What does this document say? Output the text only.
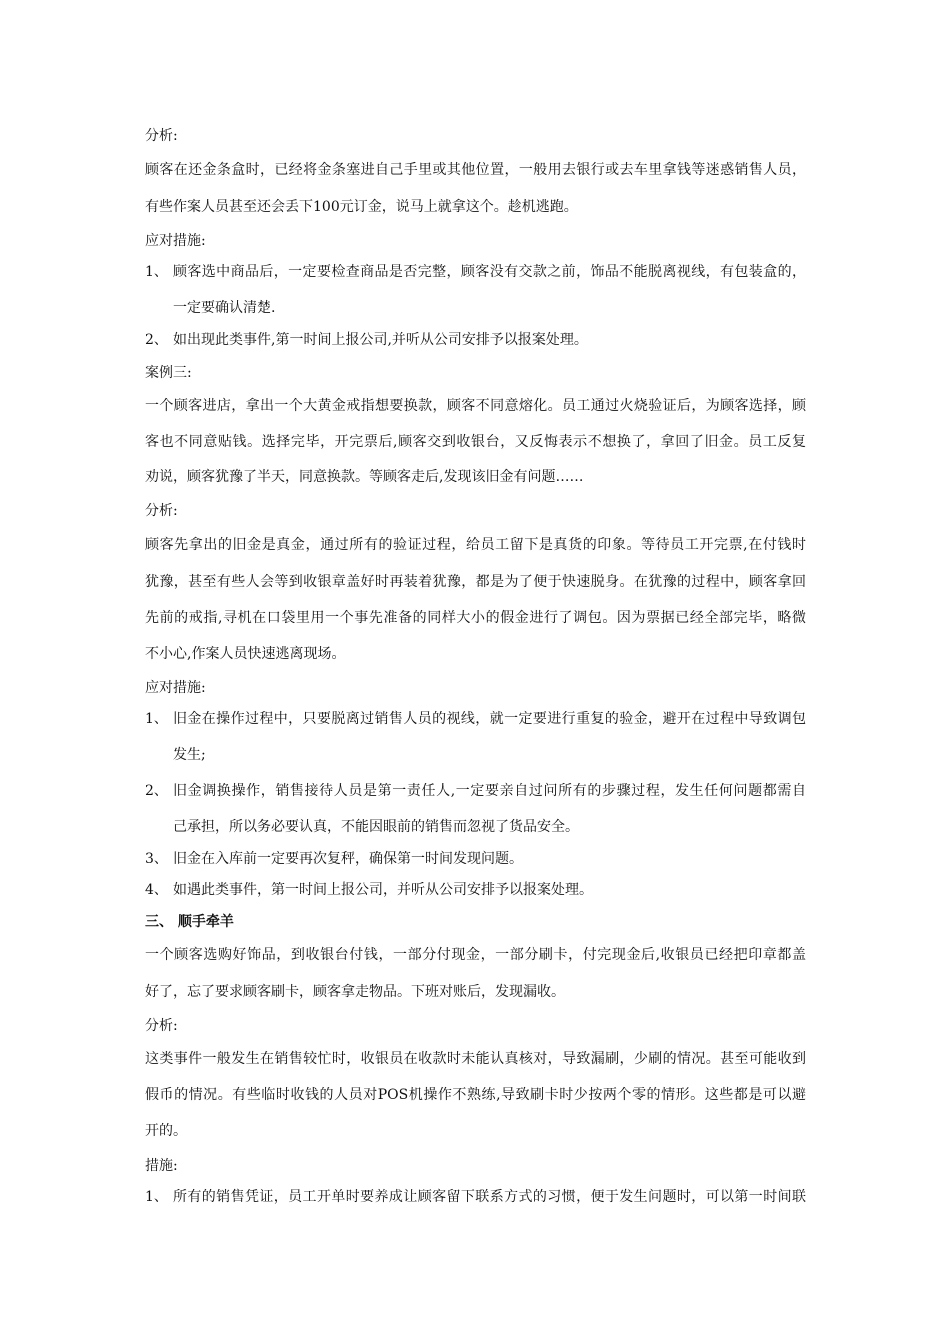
分析:
顾客在还金条盒时，已经将金条塞进自己手里或其他位置，一般用去银行或去车里拿钱等迷惑销售人员，
有些作案人员甚至还会丢下100元订金，说马上就拿这个。趁机逃跑。
应对措施:
1、 顾客选中商品后，一定要检查商品是否完整，顾客没有交款之前，饰品不能脱离视线，有包装盒的，
一定要确认清楚.
2、 如出现此类事件,第一时间上报公司,并听从公司安排予以报案处理。
案例三:
一个顾客进店，拿出一个大黄金戒指想要换款，顾客不同意熔化。员工通过火烧验证后，为顾客选择，顾
客也不同意贴钱。选择完毕，开完票后,顾客交到收银台，又反悔表示不想换了，拿回了旧金。员工反复
劝说，顾客犹豫了半天，同意换款。等顾客走后,发现该旧金有问题……
分析:
顾客先拿出的旧金是真金，通过所有的验证过程，给员工留下是真货的印象。等待员工开完票,在付钱时
犹豫，甚至有些人会等到收银章盖好时再装着犹豫，都是为了便于快速脱身。在犹豫的过程中，顾客拿回
先前的戒指,寻机在口袋里用一个事先准备的同样大小的假金进行了调包。因为票据已经全部完毕，略微
不小心,作案人员快速逃离现场。
应对措施:
1、 旧金在操作过程中，只要脱离过销售人员的视线，就一定要进行重复的验金，避开在过程中导致调包
发生;
2、 旧金调换操作，销售接待人员是第一责任人,一定要亲自过问所有的步骤过程，发生任何问题都需自
己承担，所以务必要认真，不能因眼前的销售而忽视了货品安全。
3、 旧金在入库前一定要再次复秤，确保第一时间发现问题。
4、 如遇此类事件，第一时间上报公司，并听从公司安排予以报案处理。
三、 顺手牵羊
一个顾客选购好饰品，到收银台付钱，一部分付现金，一部分刷卡，付完现金后,收银员已经把印章都盖
好了，忘了要求顾客刷卡，顾客拿走物品。下班对账后，发现漏收。
分析:
这类事件一般发生在销售较忙时，收银员在收款时未能认真核对，导致漏刷，少刷的情况。甚至可能收到
假币的情况。有些临时收钱的人员对POS机操作不熟练,导致刷卡时少按两个零的情形。这些都是可以避
开的。
措施:
1、 所有的销售凭证，员工开单时要养成让顾客留下联系方式的习惯，便于发生问题时，可以第一时间联
